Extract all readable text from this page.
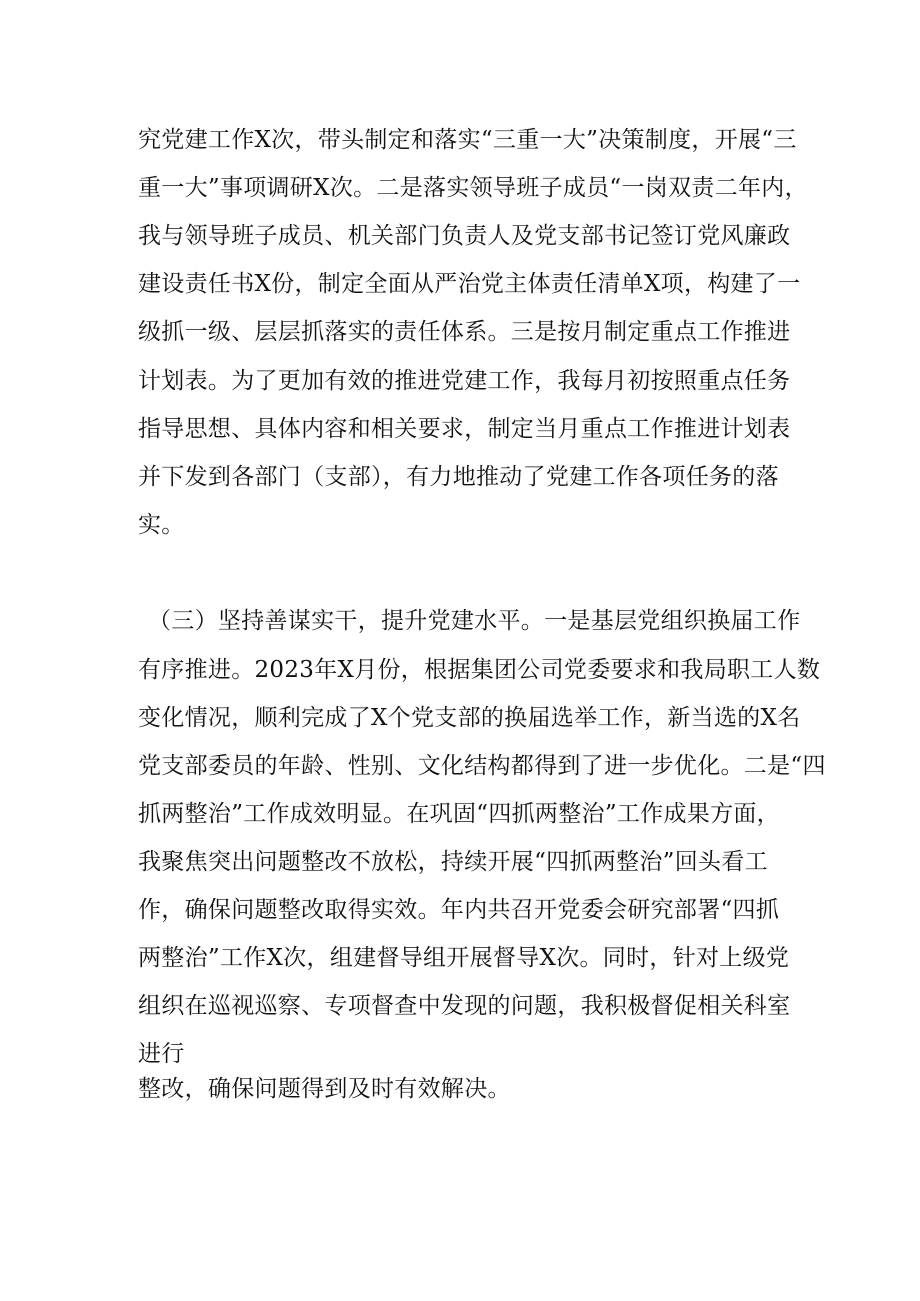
究党建工作X次，带头制定和落实“三重一大”决策制度，开展“三
重一大”事项调研X次。二是落实领导班子成员“一岗双责二年内，
我与领导班子成员、机关部门负责人及党支部书记签订党风廉政
建设责任书X份，制定全面从严治党主体责任清单X项，构建了一
级抓一级、层层抓落实的责任体系。三是按月制定重点工作推进
计划表。为了更加有效的推进党建工作，我每月初按照重点任务
指导思想、具体内容和相关要求，制定当月重点工作推进计划表
并下发到各部门（支部），有力地推动了党建工作各项任务的落
实。
（三）坚持善谋实干，提升党建水平。一是基层党组织换届工作
有序推进。2023年X月份，根据集团公司党委要求和我局职工人数
变化情况，顺利完成了X个党支部的换届选举工作，新当选的X名
党支部委员的年龄、性别、文化结构都得到了进一步优化。二是“四
抓两整治”工作成效明显。在巩固“四抓两整治”工作成果方面，
我聚焦突出问题整改不放松，持续开展“四抓两整治”回头看工
作，确保问题整改取得实效。年内共召开党委会研究部署“四抓
两整治”工作X次，组建督导组开展督导X次。同时，针对上级党
组织在巡视巡察、专项督查中发现的问题，我积极督促相关科室
进行
整改，确保问题得到及时有效解决。
